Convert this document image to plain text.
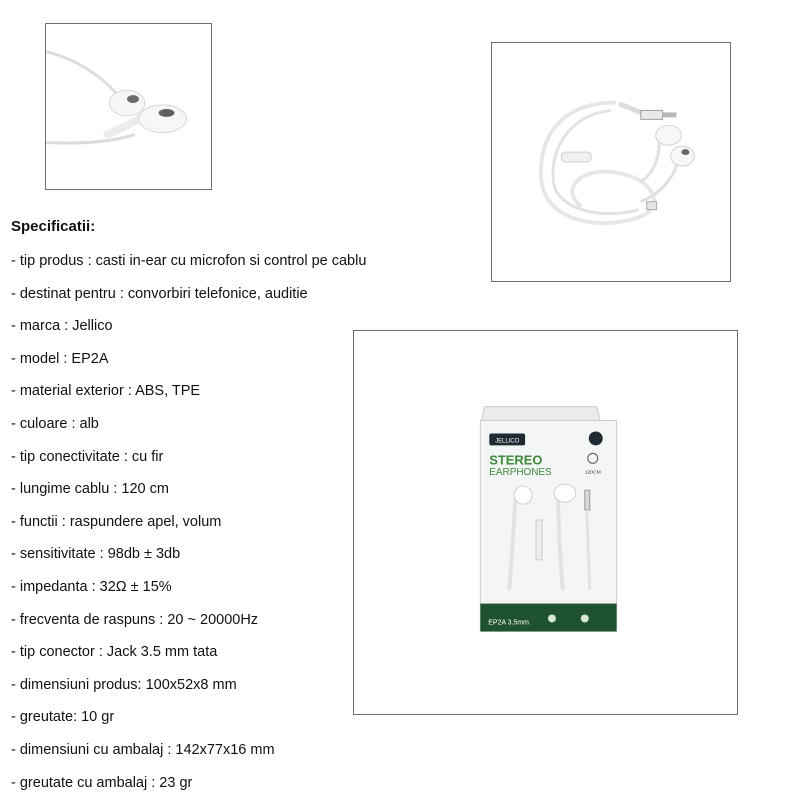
JELLICO
STEREO
EARPHONES	120CM
EP2A 3.5mm
Specificatii:
- tip produs : casti in-ear cu microfon si control pe cablu
- destinat pentru : convorbiri telefonice, auditie
- marca : Jellico
- model : EP2A
- material exterior : ABS, TPE
- culoare : alb
- tip conectivitate : cu fir
- lungime cablu : 120 cm
- functii : raspundere apel, volum
- sensitivitate : 98db ± 3db
- impedanta : 32Ω ± 15%
- frecventa de raspuns : 20 ~ 20000Hz
- tip conector : Jack 3.5 mm tata
- dimensiuni produs: 100x52x8 mm
- greutate: 10 gr
- dimensiuni cu ambalaj : 142x77x16 mm
- greutate cu ambalaj : 23 gr
